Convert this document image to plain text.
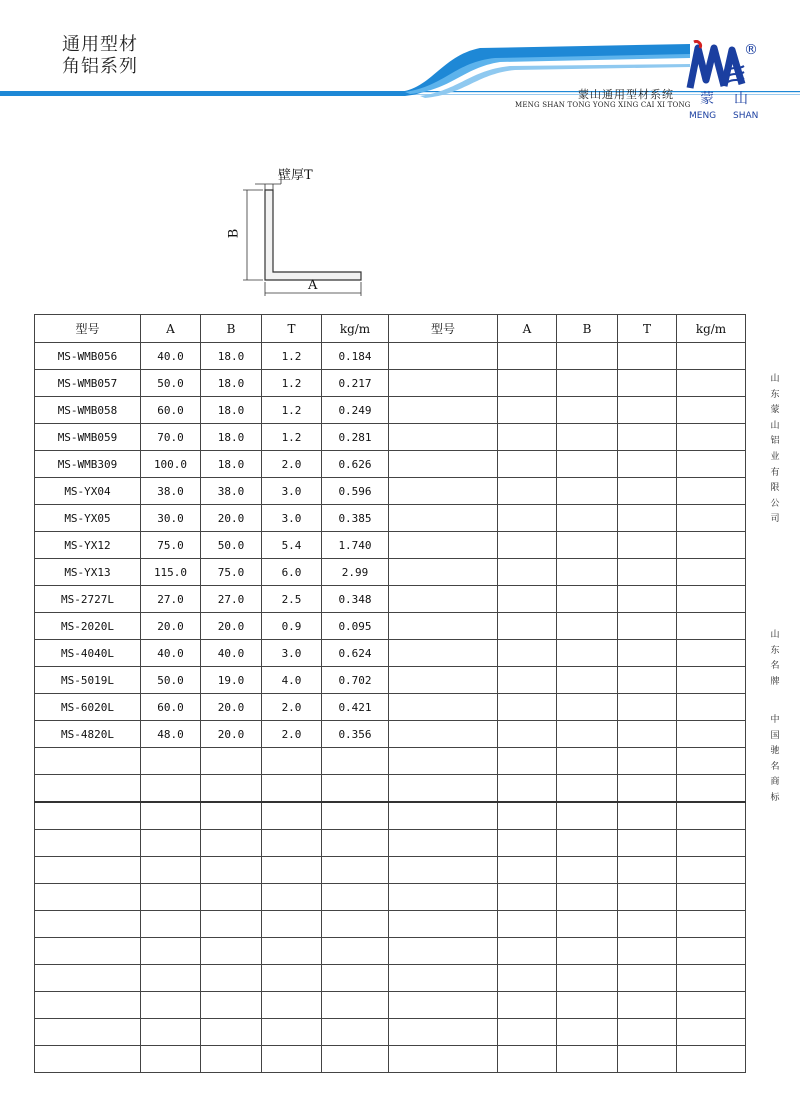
通用型材
角铝系列
蒙山通用型材系统
MENG SHAN TONG YONG XING CAI XI TONG
®
蒙 山
MENG SHAN
壁厚T
B
A
型号	A	B	T	kg/m	型号	A	B	T	kg/m
MS-WMB056	40.0	18.0	1.2	0.184					
MS-WMB057	50.0	18.0	1.2	0.217					
MS-WMB058	60.0	18.0	1.2	0.249					
MS-WMB059	70.0	18.0	1.2	0.281					
MS-WMB309	100.0	18.0	2.0	0.626					
MS-YX04	38.0	38.0	3.0	0.596					
MS-YX05	30.0	20.0	3.0	0.385					
MS-YX12	75.0	50.0	5.4	1.740					
MS-YX13	115.0	75.0	6.0	2.99					
MS-2727L	27.0	27.0	2.5	0.348					
MS-2020L	20.0	20.0	0.9	0.095					
MS-4040L	40.0	40.0	3.0	0.624					
MS-5019L	50.0	19.0	4.0	0.702					
MS-6020L	60.0	20.0	2.0	0.421					
MS-4820L	48.0	20.0	2.0	0.356					

山东蒙山铝业有限公司
山东名牌
中国驰名商标
